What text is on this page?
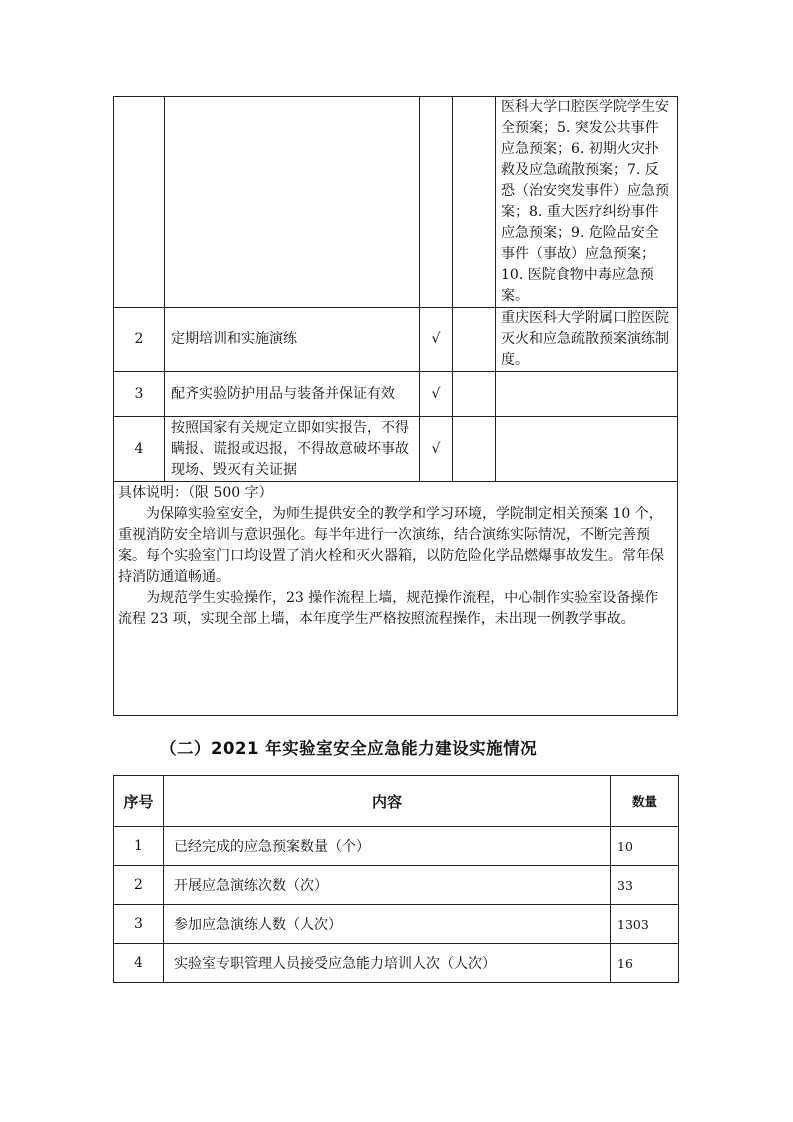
				医科大学口腔医学院学生安全预案；5. 突发公共事件应急预案；6. 初期火灾扑救及应急疏散预案；7. 反恐（治安突发事件）应急预案；8. 重大医疗纠纷事件应急预案；9. 危险品安全事件（事故）应急预案；10. 医院食物中毒应急预案。
2	定期培训和实施演练	√		重庆医科大学附属口腔医院灭火和应急疏散预案演练制度。
3	配齐实验防护用品与装备并保证有效	√		
4	按照国家有关规定立即如实报告，不得瞒报、谎报或迟报，不得故意破坏事故现场、毁灭有关证据	√		

具体说明：（限 500 字）

为保障实验室安全，为师生提供安全的教学和学习环境，学院制定相关预案 10 个，重视消防安全培训与意识强化。每半年进行一次演练，结合演练实际情况，不断完善预案。每个实验室门口均设置了消火栓和灭火器箱，以防危险化学品燃爆事故发生。常年保持消防通道畅通。

为规范学生实验操作，23 操作流程上墙，规范操作流程，中心制作实验室设备操作流程 23 项，实现全部上墙，本年度学生严格按照流程操作，未出现一例教学事故。				

（二）2021 年实验室安全应急能力建设实施情况
序号	内容	数量
1	已经完成的应急预案数量（个）	10
2	开展应急演练次数（次）	33
3	参加应急演练人数（人次）	1303
4	实验室专职管理人员接受应急能力培训人次（人次）	16
